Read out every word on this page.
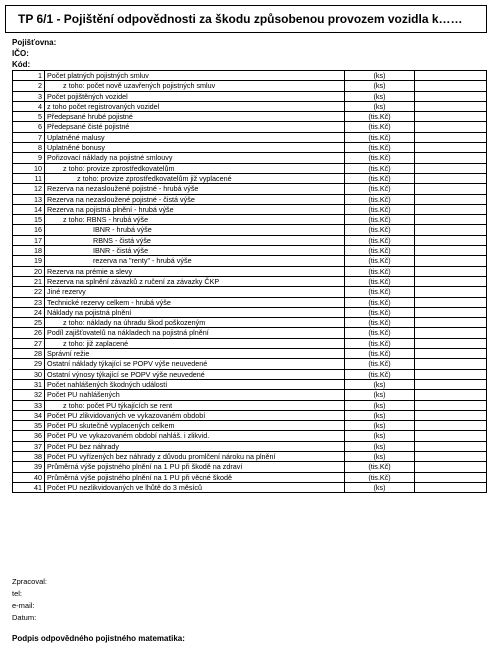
TP 6/1 - Pojištění odpovědnosti za škodu způsobenou provozem vozidla k……
Pojišťovna:
IČO:
Kód:
1	Počet platných pojistných smluv	(ks)	
2	z toho: počet nově uzavřených pojistných smluv	(ks)	
3	Počet pojištěných vozidel	(ks)	
4	z toho počet registrovaných vozidel	(ks)	
5	Předepsané hrubé pojistné	(tis.Kč)	
6	Předepsané čisté pojistné	(tis.Kč)	
7	Uplatněné malusy	(tis.Kč)	
8	Uplatněné bonusy	(tis.Kč)	
9	Pořizovací náklady na pojistné smlouvy	(tis.Kč)	
10	z toho: provize zprostředkovatelům	(tis.Kč)	
11	z toho: provize zprostředkovatelům již vyplacené	(tis.Kč)	
12	Rezerva na nezasloužené pojistné - hrubá výše	(tis.Kč)	
13	Rezerva na nezasloužené pojistné - čistá výše	(tis.Kč)	
14	Rezerva na pojistná plnění - hrubá výše	(tis.Kč)	
15	z toho: RBNS - hrubá výše	(tis.Kč)	
16	IBNR - hrubá výše	(tis.Kč)	
17	RBNS - čistá výše	(tis.Kč)	
18	IBNR - čistá výše	(tis.Kč)	
19	rezerva na "renty" - hrubá výše	(tis.Kč)	
20	Rezerva na prémie a slevy	(tis.Kč)	
21	Rezerva na splnění závazků z ručení za závazky ČKP	(tis.Kč)	
22	Jiné rezervy	(tis.Kč)	
23	Technické rezervy celkem - hrubá výše	(tis.Kč)	
24	Náklady na pojistná plnění	(tis.Kč)	
25	z toho: náklady na úhradu škod poškozeným	(tis.Kč)	
26	Podíl zajišťovatelů na nákladech na pojistná plnění	(tis.Kč)	
27	z toho: již zaplacené	(tis.Kč)	
28	Správní režie	(tis.Kč)	
29	Ostatní náklady týkající se POPV výše neuvedené	(tis.Kč)	
30	Ostatní výnosy týkající se POPV výše neuvedené	(tis.Kč)	
31	Počet nahlášených škodných událostí	(ks)	
32	Počet PU nahlášených	(ks)	
33	z toho: počet PU týkajících se rent	(ks)	
34	Počet PU zlikvidovaných ve vykazovaném období	(ks)	
35	Počet PU skutečně vyplacených celkem	(ks)	
36	Počet PU ve vykazovaném období nahláš. i zlikvid.	(ks)	
37	Počet PU bez náhrady	(ks)	
38	Počet PU vyřízených bez náhrady z důvodu promlčení nároku na plnění	(ks)	
39	Průměrná výše pojistného plnění na 1 PU při škodě na zdraví	(tis.Kč)	
40	Průměrná výše pojistného plnění na 1 PU při věcné škodě	(tis.Kč)	
41	Počet PU nezlikvidovaných ve lhůtě do 3 měsíců	(ks)	
Zpracoval:
tel:
e-mail:
Datum:
Podpis odpovědného pojistného matematika:
